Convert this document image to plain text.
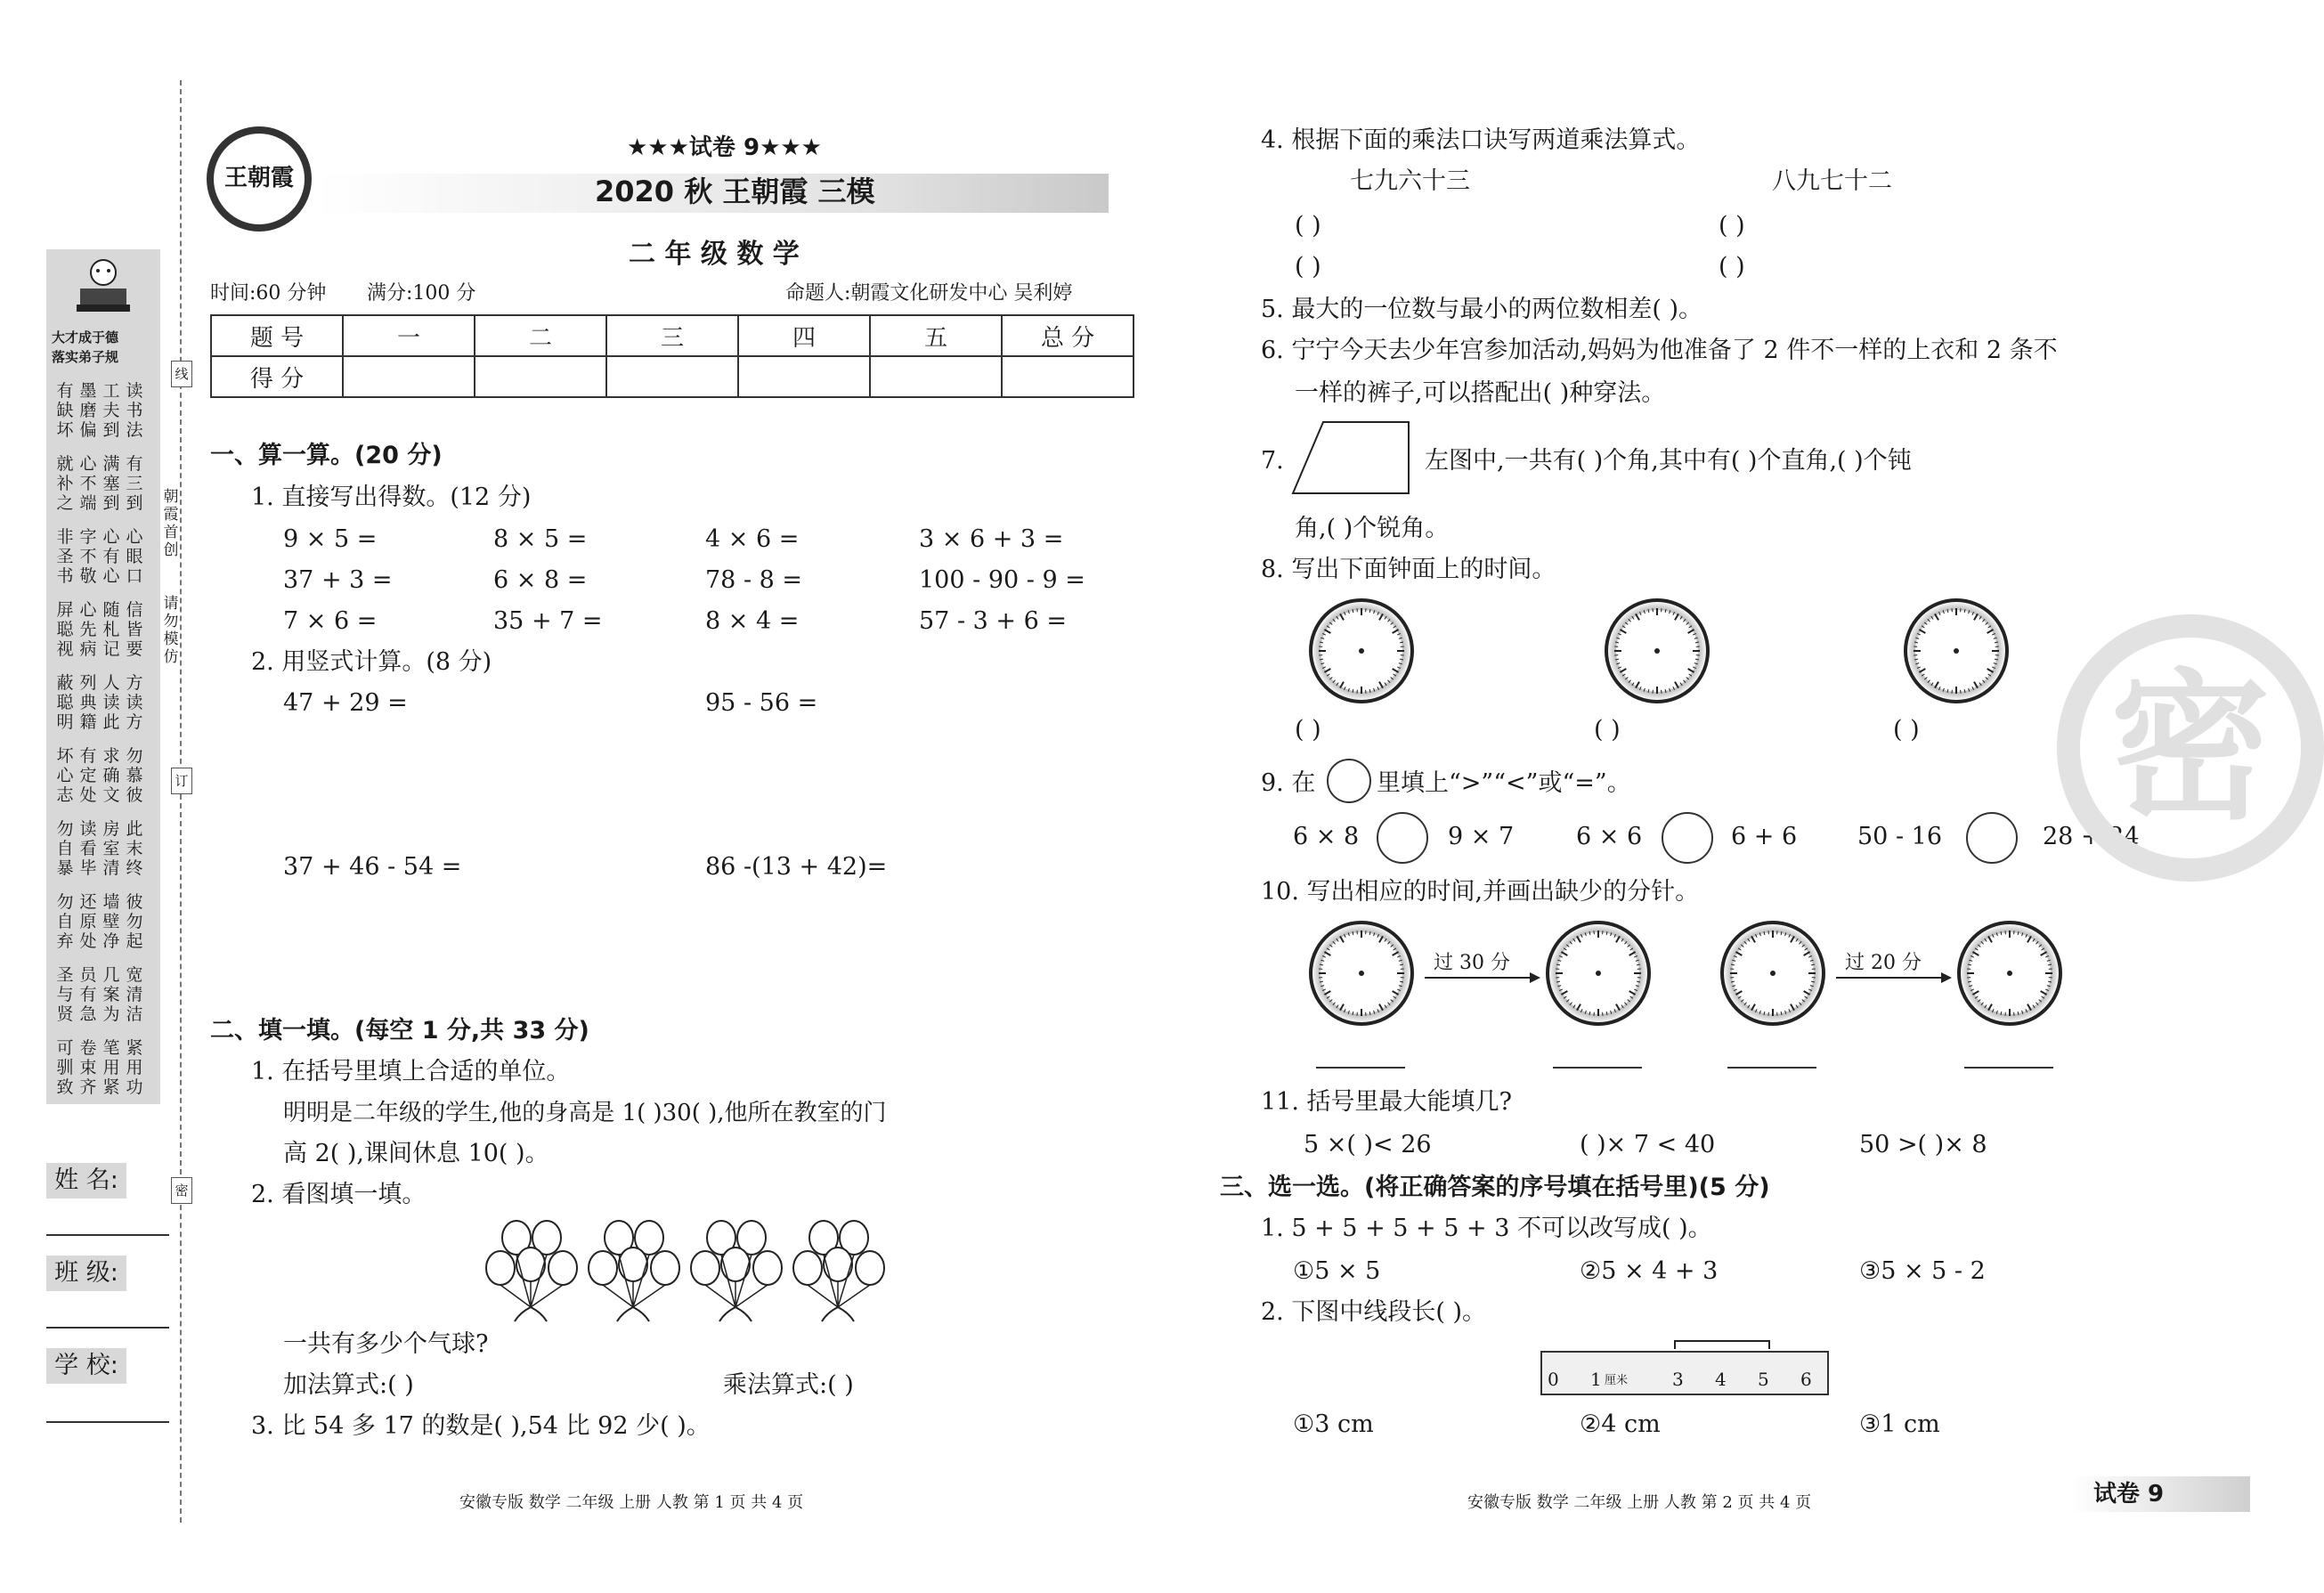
大才成于德
落实弟子规
有缺坏
墨磨偏
工夫到
读书法
就补之
心不端
满塞到
有三到
非圣书
字不敬
心有心
心眼口
屏聪视
心先病
随札记
信皆要
蔽聪明
列典籍
人读此
方读方
坏心志
有定处
求确文
勿慕彼
勿自暴
读看毕
房室清
此末终
勿自弃
还原处
墙壁净
彼勿起
圣与贤
员有急
几案为
宽清洁
可驯致
卷束齐
笔用紧
紧用功
线
朝霞首创
请勿模仿
订
密
姓 名:
班 级:
学 校:
王朝霞
★★★试卷 9★★★
2020 秋 王朝霞 三模
二 年 级 数 学
时间:60 分钟 满分:100 分	命题人:朝霞文化研发中心 吴利婷
题 号	一	二	三	四	五	总 分
得 分						
一、算一算。(20 分)
1. 直接写出得数。(12 分)
9 × 5 =	8 × 5 =	4 × 6 =	3 × 6 + 3 =
37 + 3 =	6 × 8 =	78 - 8 =	100 - 90 - 9 =
7 × 6 =	35 + 7 =	8 × 4 =	57 - 3 + 6 =
2. 用竖式计算。(8 分)
47 + 29 =	95 - 56 =
37 + 46 - 54 =	86 -(13 + 42)=
二、填一填。(每空 1 分,共 33 分)
1. 在括号里填上合适的单位。
明明是二年级的学生,他的身高是 1( )30( ),他所在教室的门
高 2( ),课间休息 10( )。
2. 看图填一填。
一共有多少个气球?
加法算式:( )	乘法算式:( )
3. 比 54 多 17 的数是( ),54 比 92 少( )。
安徽专版 数学 二年级 上册 人教 第 1 页 共 4 页
4. 根据下面的乘法口诀写两道乘法算式。
七九六十三	八九七十二
( )	( )
( )	( )
5. 最大的一位数与最小的两位数相差( )。
6. 宁宁今天去少年宫参加活动,妈妈为他准备了 2 件不一样的上衣和 2 条不
一样的裤子,可以搭配出( )种穿法。
7.	左图中,一共有( )个角,其中有( )个直角,( )个钝
角,( )个锐角。
8. 写出下面钟面上的时间。
( )	( )	( )
9. 在	里填上“>”“<”或“=”。
6 × 8	9 × 7	6 × 6	6 + 6	50 - 16	28 + 24
10. 写出相应的时间,并画出缺少的分针。
过 30 分	过 20 分
11. 括号里最大能填几?
5 ×( )< 26	( )× 7 < 40	50 >( )× 8
三、选一选。(将正确答案的序号填在括号里)(5 分)
1. 5 + 5 + 5 + 5 + 3 不可以改写成( )。
①5 × 5	②5 × 4 + 3	③5 × 5 - 2
2. 下图中线段长( )。
0 1 厘米 3 4 5 6
①3 cm	②4 cm	③1 cm
密
安徽专版 数学 二年级 上册 人教 第 2 页 共 4 页	试卷 9
